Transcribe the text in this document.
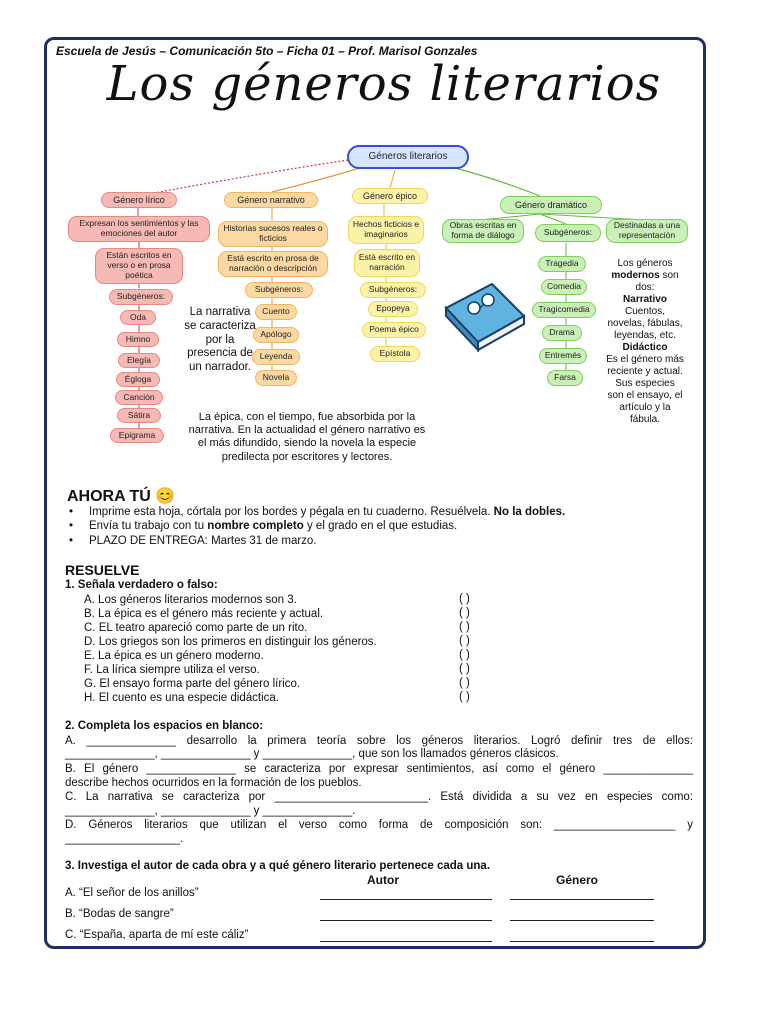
Escuela de Jesús – Comunicación 5to – Ficha 01 – Prof. Marisol Gonzales
Los géneros literarios
Géneros literarios
Género lírico
Expresan los sentimientos y las emociones del autor
Están escritos en verso o en prosa poética
Subgéneros:
Oda
Himno
Elegía
Égloga
Canción
Sátira
Epigrama
Género narrativo
Historias sucesos reales o ficticios
Está escrito en prosa de narración o descripción
Subgéneros:
Cuento
Apólogo
Leyenda
Novela
La narrativa se caracteriza por la presencia de un narrador.
Género épico
Hechos ficticios e imaginarios
Está escrito en narración
Subgéneros:
Epopeya
Poema épico
Epístola
Género dramático
Obras escritas en forma de diálogo	Subgéneros:
Destinadas a una representación
Tragedia
Comedia
Tragicomedia
Drama
Entremés
Farsa
Los géneros
modernos son dos:
Narrativo
Cuentos, novelas, fábulas, leyendas, etc.
Didáctico
Es el género más reciente y actual. Sus especies son el ensayo, el artículo y la fábula.
La épica, con el tiempo, fue absorbida por la narrativa. En la actualidad el género narrativo es el más difundido, siendo la novela la especie predilecta por escritores y lectores.
AHORA TÚ 😊
•     Imprime esta hoja, córtala por los bordes y pégala en tu cuaderno. Resuélvela. No la dobles.
•     Envía tu trabajo con tu nombre completo y el grado en el que estudias.
•     PLAZO DE ENTREGA: Martes 31 de marzo.
RESUELVE
1. Señala verdadero o falso:
A. Los géneros literarios modernos son 3.
B. La épica es el género más reciente y actual.
C. EL teatro apareció como parte de un rito.
D. Los griegos son los primeros en distinguir los géneros.
E. La épica es un género moderno.
F. La lírica siempre utiliza el verso.
G. El ensayo forma parte del género lírico.
H. El cuento es una especie didáctica.
( )
( )
( )
( )
( )
( )
( )
( )
2. Completa los espacios en blanco:
A. ______________ desarrollo la primera teoría sobre los géneros literarios. Logró definir tres de ellos:
______________, ______________ y ______________, que son los llamados géneros clásicos.
B. El género ______________ se caracteriza por expresar sentimientos, así como el género ______________
describe hechos ocurridos en la formación de los pueblos.
C. La narrativa se caracteriza por ________________________. Está dividida a su vez en especies como:
______________, ______________ y ______________.
D. Géneros literarios que utilizan el verso como forma de composición son: ___________________ y
__________________.
3. Investiga el autor de cada obra y a qué género literario pertenece cada una.
Autor	Género
A. “El señor de los anillos”
B. “Bodas de sangre”
C. “España, aparta de mí este cáliz”
